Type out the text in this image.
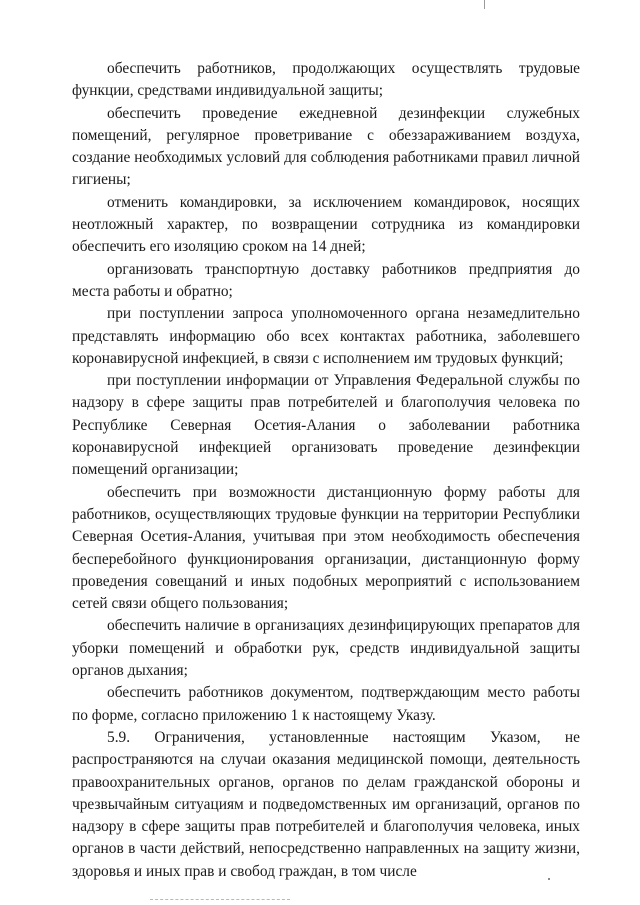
обеспечить работников, продолжающих осуществлять трудовые функции, средствами индивидуальной защиты;

обеспечить проведение ежедневной дезинфекции служебных помещений, регулярное проветривание с обеззараживанием воздуха, создание необходимых условий для соблюдения работниками правил личной гигиены;

отменить командировки, за исключением командировок, носящих неотложный характер, по возвращении сотрудника из командировки обеспечить его изоляцию сроком на 14 дней;

организовать транспортную доставку работников предприятия до места работы и обратно;

при поступлении запроса уполномоченного органа незамедлительно представлять информацию обо всех контактах работника, заболевшего коронавирусной инфекцией, в связи с исполнением им трудовых функций;

при поступлении информации от Управления Федеральной службы по надзору в сфере защиты прав потребителей и благополучия человека по Республике Северная Осетия-Алания о заболевании работника коронавирусной инфекцией организовать проведение дезинфекции помещений организации;

обеспечить при возможности дистанционную форму работы для работников, осуществляющих трудовые функции на территории Республики Северная Осетия-Алания, учитывая при этом необходимость обеспечения бесперебойного функционирования организации, дистанционную форму проведения совещаний и иных подобных мероприятий с использованием сетей связи общего пользования;

обеспечить наличие в организациях дезинфицирующих препаратов для уборки помещений и обработки рук, средств индивидуальной защиты органов дыхания;

обеспечить работников документом, подтверждающим место работы по форме, согласно приложению 1 к настоящему Указу.

5.9. Ограничения, установленные настоящим Указом, не распространяются на случаи оказания медицинской помощи, деятельность правоохранительных органов, органов по делам гражданской обороны и чрезвычайным ситуациям и подведомственных им организаций, органов по надзору в сфере защиты прав потребителей и благополучия человека, иных органов в части действий, непосредственно направленных на защиту жизни, здоровья и иных прав и свобод граждан, в том числе
